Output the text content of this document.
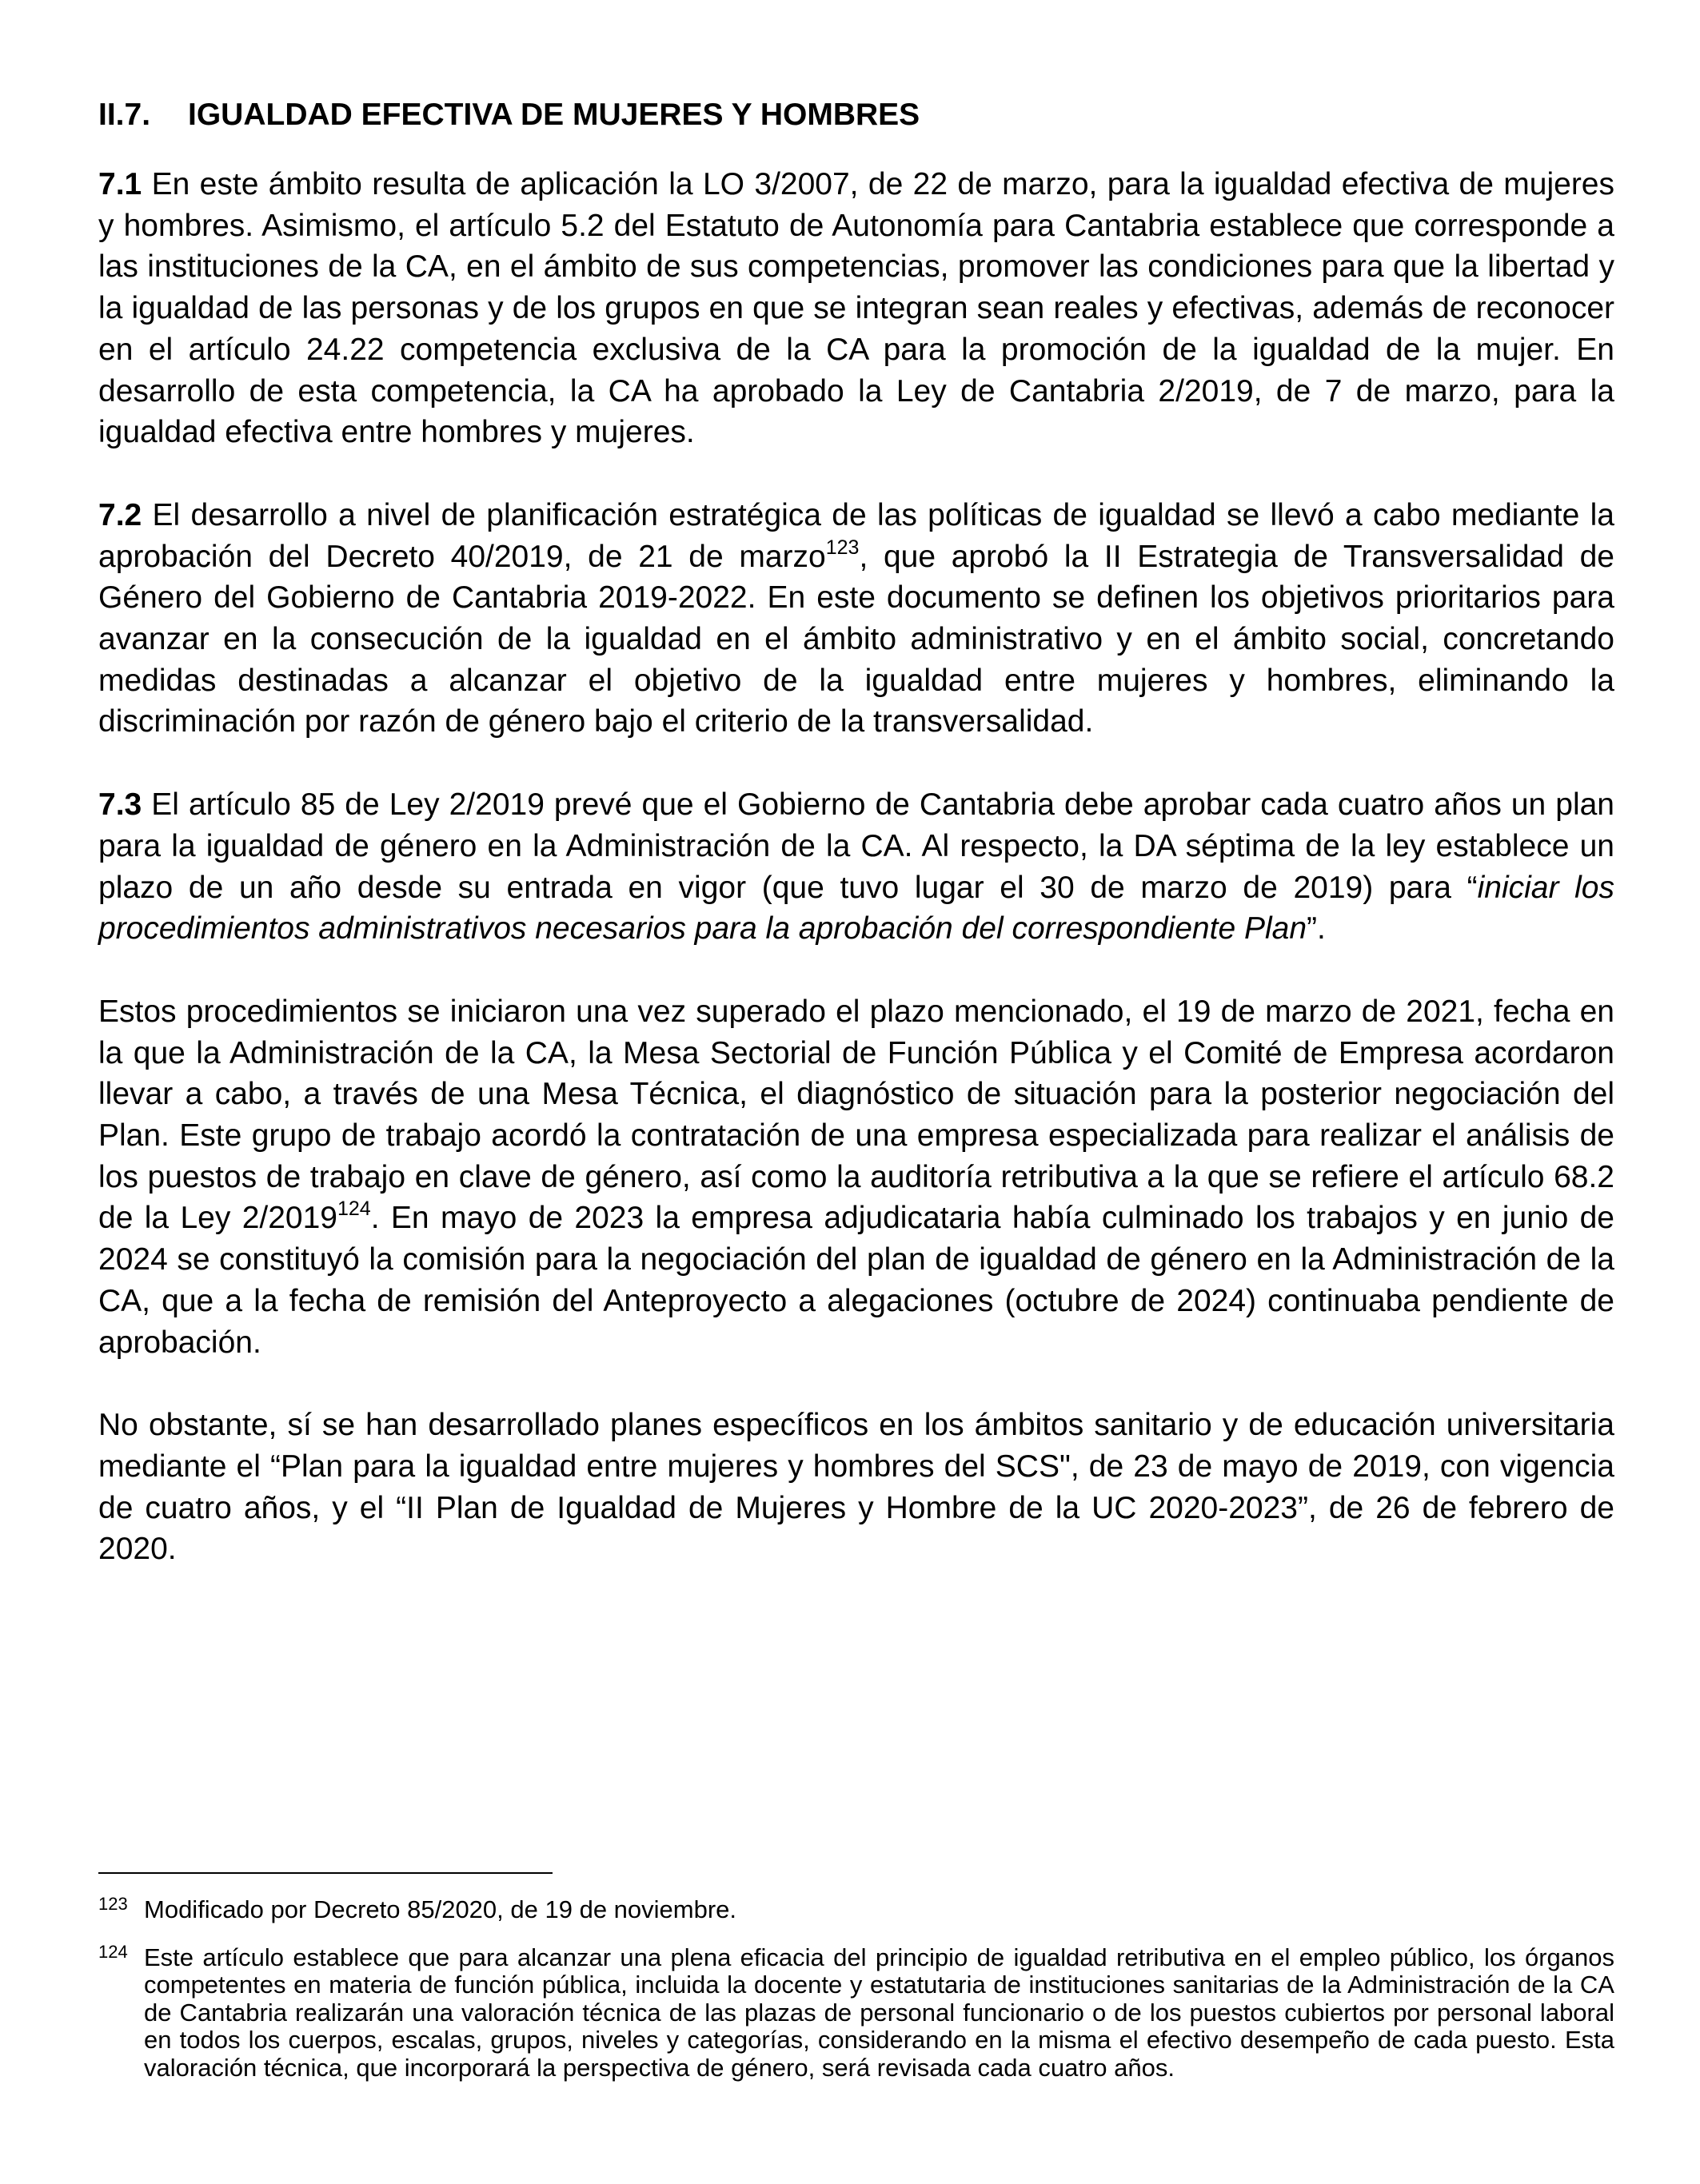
II.7. IGUALDAD EFECTIVA DE MUJERES Y HOMBRES

7.1 En este ámbito resulta de aplicación la LO 3/2007, de 22 de marzo, para la igualdad efectiva de mujeres y hombres. Asimismo, el artículo 5.2 del Estatuto de Autonomía para Cantabria establece que corresponde a las instituciones de la CA, en el ámbito de sus competencias, promover las condiciones para que la libertad y la igualdad de las personas y de los grupos en que se integran sean reales y efectivas, además de reconocer en el artículo 24.22 competencia exclusiva de la CA para la promoción de la igualdad de la mujer. En desarrollo de esta competencia, la CA ha aprobado la Ley de Cantabria 2/2019, de 7 de marzo, para la igualdad efectiva entre hombres y mujeres.

7.2 El desarrollo a nivel de planificación estratégica de las políticas de igualdad se llevó a cabo mediante la aprobación del Decreto 40/2019, de 21 de marzo$^{123}$, que aprobó la II Estrategia de Transversalidad de Género del Gobierno de Cantabria 2019-2022. En este documento se definen los objetivos prioritarios para avanzar en la consecución de la igualdad en el ámbito administrativo y en el ámbito social, concretando medidas destinadas a alcanzar el objetivo de la igualdad entre mujeres y hombres, eliminando la discriminación por razón de género bajo el criterio de la transversalidad.

7.3 El artículo 85 de Ley 2/2019 prevé que el Gobierno de Cantabria debe aprobar cada cuatro años un plan para la igualdad de género en la Administración de la CA. Al respecto, la DA séptima de la ley establece un plazo de un año desde su entrada en vigor (que tuvo lugar el 30 de marzo de 2019) para “iniciar los procedimientos administrativos necesarios para la aprobación del correspondiente Plan”.

Estos procedimientos se iniciaron una vez superado el plazo mencionado, el 19 de marzo de 2021, fecha en la que la Administración de la CA, la Mesa Sectorial de Función Pública y el Comité de Empresa acordaron llevar a cabo, a través de una Mesa Técnica, el diagnóstico de situación para la posterior negociación del Plan. Este grupo de trabajo acordó la contratación de una empresa especializada para realizar el análisis de los puestos de trabajo en clave de género, así como la auditoría retributiva a la que se refiere el artículo 68.2 de la Ley 2/2019$^{124}$. En mayo de 2023 la empresa adjudicataria había culminado los trabajos y en junio de 2024 se constituyó la comisión para la negociación del plan de igualdad de género en la Administración de la CA, que a la fecha de remisión del Anteproyecto a alegaciones (octubre de 2024) continuaba pendiente de aprobación.

No obstante, sí se han desarrollado planes específicos en los ámbitos sanitario y de educación universitaria mediante el “Plan para la igualdad entre mujeres y hombres del SCS", de 23 de mayo de 2019, con vigencia de cuatro años, y el “II Plan de Igualdad de Mujeres y Hombre de la UC 2020-2023”, de 26 de febrero de 2020.

123 Modificado por Decreto 85/2020, de 19 de noviembre.
124 Este artículo establece que para alcanzar una plena eficacia del principio de igualdad retributiva en el empleo público, los órganos competentes en materia de función pública, incluida la docente y estatutaria de instituciones sanitarias de la Administración de la CA de Cantabria realizarán una valoración técnica de las plazas de personal funcionario o de los puestos cubiertos por personal laboral en todos los cuerpos, escalas, grupos, niveles y categorías, considerando en la misma el efectivo desempeño de cada puesto. Esta valoración técnica, que incorporará la perspectiva de género, será revisada cada cuatro años.
